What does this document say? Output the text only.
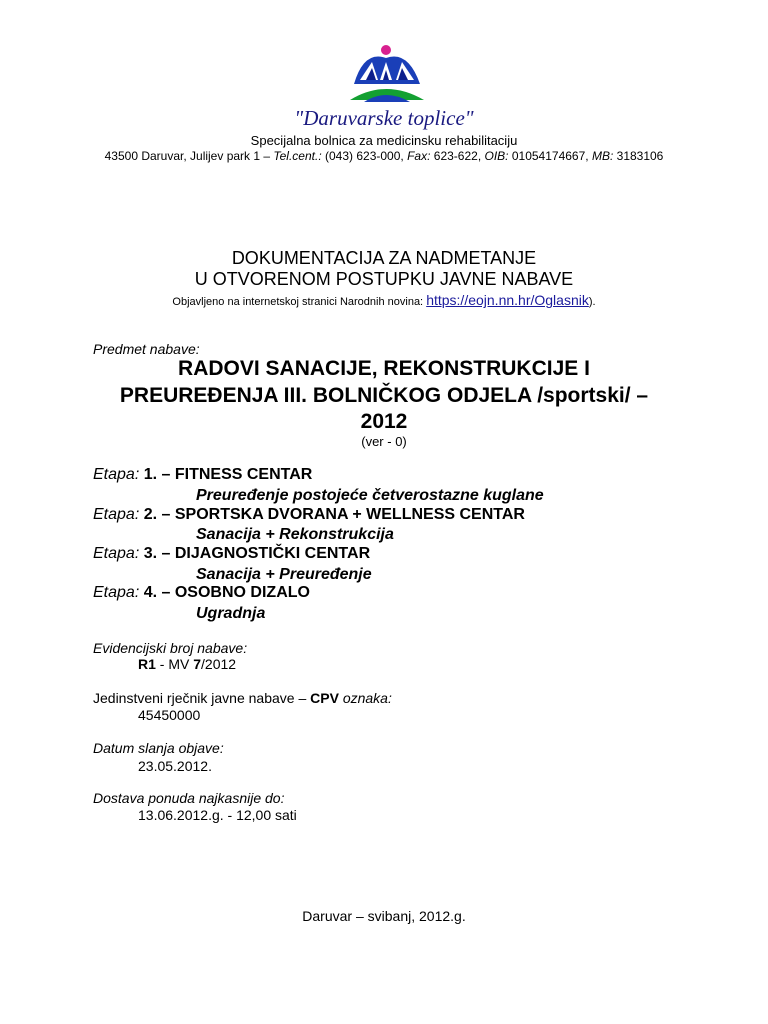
"Daruvarske toplice"
Specijalna bolnica za medicinsku rehabilitaciju
43500 Daruvar, Julijev park 1 – Tel.cent.: (043) 623-000, Fax: 623-622, OIB: 01054174667, MB: 3183106
DOKUMENTACIJA ZA NADMETANJE
U OTVORENOM POSTUPKU JAVNE NABAVE
Objavljeno na internetskoj stranici Narodnih novina: https://eojn.nn.hr/Oglasnik).
Predmet nabave:
RADOVI SANACIJE, REKONSTRUKCIJE I
PREUREĐENJA III. BOLNIČKOG ODJELA /sportski/ –
2012
(ver - 0)
Etapa: 1. – FITNESS CENTAR
Preuređenje postojeće četverostazne kuglane
Etapa: 2. – SPORTSKA DVORANA + WELLNESS CENTAR
Sanacija + Rekonstrukcija
Etapa: 3. – DIJAGNOSTIČKI CENTAR
Sanacija + Preuređenje
Etapa: 4. – OSOBNO DIZALO
Ugradnja
Evidencijski broj nabave:
R1 - MV 7/2012
Jedinstveni rječnik javne nabave – CPV oznaka:
45450000
Datum slanja objave:
23.05.2012.
Dostava ponuda najkasnije do:
13.06.2012.g. - 12,00 sati
Daruvar – svibanj, 2012.g.
